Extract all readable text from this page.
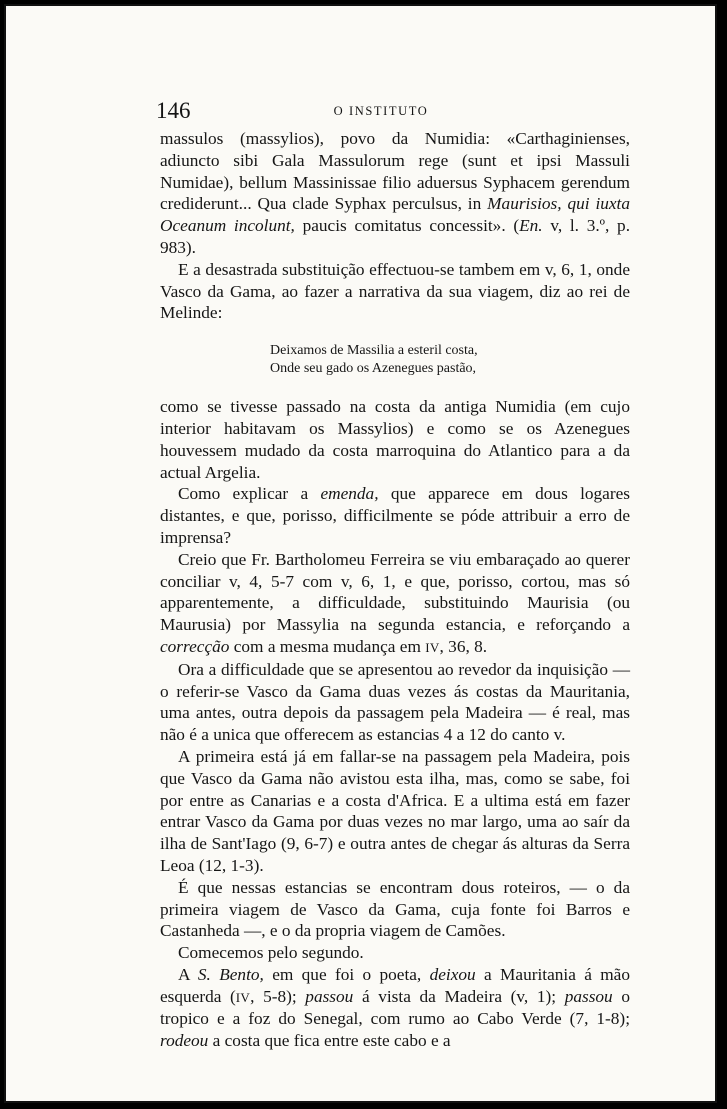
146	O INSTITUTO

massulos (massylios), povo da Numidia: «Carthaginienses, adiuncto sibi Gala Massulorum rege (sunt et ipsi Massuli Numidae), bellum Massinissae filio aduersus Syphacem gerendum crediderunt... Qua clade Syphax perculsus, in Maurisios, qui iuxta Oceanum incolunt, paucis comitatus concessit». (En. v, l. 3.º, p. 983).

E a desastrada substituição effectuou-se tambem em v, 6, 1, onde Vasco da Gama, ao fazer a narrativa da sua viagem, diz ao rei de Melinde:

Deixamos de Massilia a esteril costa,
Onde seu gado os Azenegues pastão,

como se tivesse passado na costa da antiga Numidia (em cujo interior habitavam os Massylios) e como se os Azenegues houvessem mudado da costa marroquina do Atlantico para a da actual Argelia.

Como explicar a emenda, que apparece em dous logares distantes, e que, porisso, difficilmente se póde attribuir a erro de imprensa?

Creio que Fr. Bartholomeu Ferreira se viu embaraçado ao querer conciliar v, 4, 5-7 com v, 6, 1, e que, porisso, cortou, mas só apparentemente, a difficuldade, substituindo Maurisia (ou Maurusia) por Massylia na segunda estancia, e reforçando a correcção com a mesma mudança em IV, 36, 8.

Ora a difficuldade que se apresentou ao revedor da inquisição — o referir-se Vasco da Gama duas vezes ás costas da Mauritania, uma antes, outra depois da passagem pela Madeira — é real, mas não é a unica que offerecem as estancias 4 a 12 do canto v.

A primeira está já em fallar-se na passagem pela Madeira, pois que Vasco da Gama não avistou esta ilha, mas, como se sabe, foi por entre as Canarias e a costa d'Africa. E a ultima está em fazer entrar Vasco da Gama por duas vezes no mar largo, uma ao saír da ilha de Sant'Iago (9, 6-7) e outra antes de chegar ás alturas da Serra Leoa (12, 1-3).

É que nessas estancias se encontram dous roteiros, — o da primeira viagem de Vasco da Gama, cuja fonte foi Barros e Castanheda —, e o da propria viagem de Camões.

Comecemos pelo segundo.

A S. Bento, em que foi o poeta, deixou a Mauritania á mão esquerda (IV, 5-8); passou á vista da Madeira (v, 1); passou o tropico e a foz do Senegal, com rumo ao Cabo Verde (7, 1-8); rodeou a costa que fica entre este cabo e a
